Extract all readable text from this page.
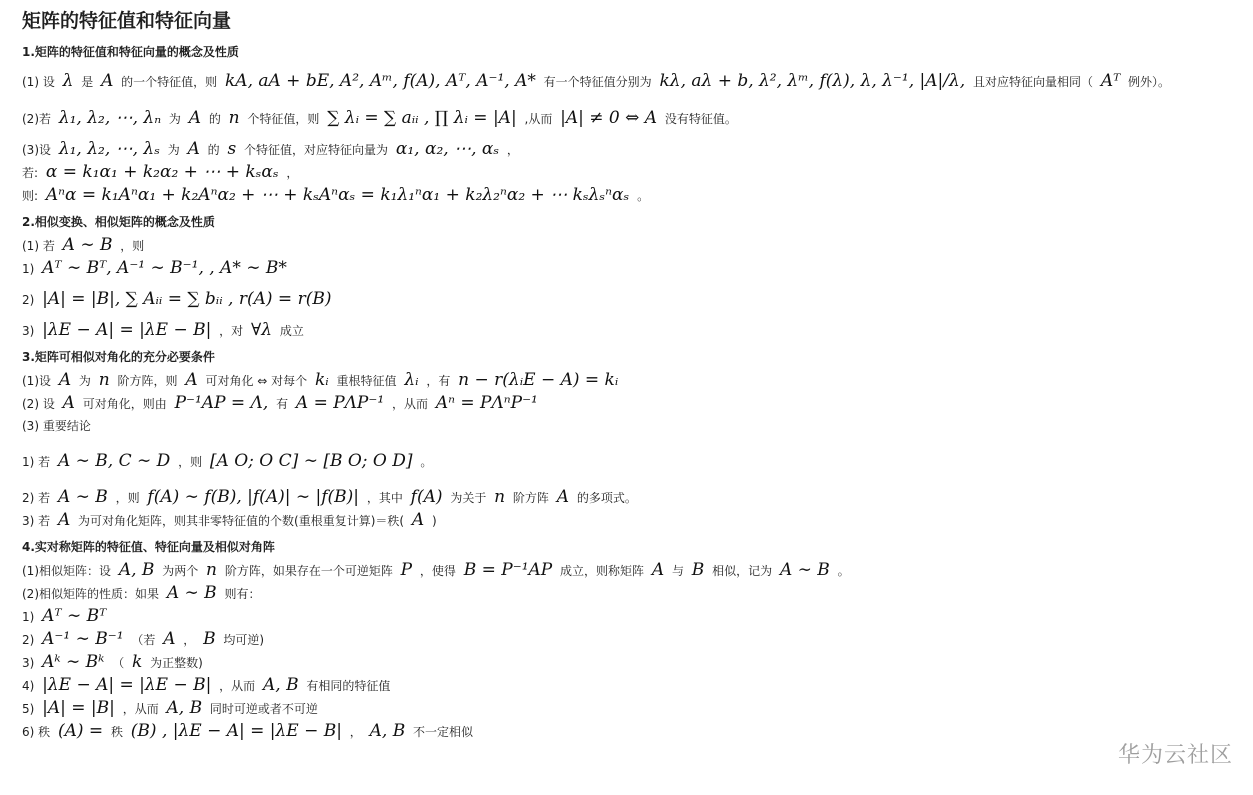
矩阵的特征值和特征向量
1.矩阵的特征值和特征向量的概念及性质
(1) 设 λ 是 A 的一个特征值，则 kA, aA + bE, A², Aᵐ, f(A), Aᵀ, A⁻¹, A* 有一个特征值分别为 kλ, aλ + b, λ², λᵐ, f(λ), λ, λ⁻¹, |A|/λ, 且对应特征向量相同（ Aᵀ 例外）。
(2)若 λ₁, λ₂, ⋯, λₙ 为 A 的 n 个特征值，则 ∑ λᵢ = ∑ aᵢᵢ , ∏ λᵢ = |A| ,从而 |A| ≠ 0 ⇔ A 没有特征值。
(3)设 λ₁, λ₂, ⋯, λₛ 为 A 的 s 个特征值，对应特征向量为 α₁, α₂, ⋯, αₛ ，
若: α = k₁α₁ + k₂α₂ + ⋯ + kₛαₛ ，
则: Aⁿα = k₁Aⁿα₁ + k₂Aⁿα₂ + ⋯ + kₛAⁿαₛ = k₁λ₁ⁿα₁ + k₂λ₂ⁿα₂ + ⋯ kₛλₛⁿαₛ 。
2.相似变换、相似矩阵的概念及性质
(1) 若 A ∼ B ，则
1) Aᵀ ∼ Bᵀ, A⁻¹ ∼ B⁻¹, , A* ∼ B*
2) |A| = |B|, ∑ Aᵢᵢ = ∑ bᵢᵢ , r(A) = r(B)
3) |λE − A| = |λE − B| ，对 ∀λ 成立
3.矩阵可相似对角化的充分必要条件
(1)设 A 为 n 阶方阵，则 A 可对角化 ⇔ 对每个 kᵢ 重根特征值 λᵢ ，有 n − r(λᵢE − A) = kᵢ
(2) 设 A 可对角化，则由 P⁻¹AP = Λ, 有 A = PΛP⁻¹ ，从而 Aⁿ = PΛⁿP⁻¹
(3) 重要结论
1) 若 A ∼ B, C ∼ D ，则 [A O; O C] ∼ [B O; O D] 。
2) 若 A ∼ B ，则 f(A) ∼ f(B), |f(A)| ∼ |f(B)| ，其中 f(A) 为关于 n 阶方阵 A 的多项式。
3) 若 A 为可对角化矩阵，则其非零特征值的个数(重根重复计算)＝秩( A )
4.实对称矩阵的特征值、特征向量及相似对角阵
(1)相似矩阵：设 A, B 为两个 n 阶方阵，如果存在一个可逆矩阵 P ，使得 B = P⁻¹AP 成立，则称矩阵 A 与 B 相似，记为 A ∼ B 。
(2)相似矩阵的性质：如果 A ∼ B 则有：
1) Aᵀ ∼ Bᵀ
2) A⁻¹ ∼ B⁻¹ （若 A ， B 均可逆)
3) Aᵏ ∼ Bᵏ （ k 为正整数)
4) |λE − A| = |λE − B| ，从而 A, B 有相同的特征值
5) |A| = |B| ，从而 A, B 同时可逆或者不可逆
6) 秩 (A) = 秩 (B) , |λE − A| = |λE − B| ， A, B 不一定相似
华为云社区
